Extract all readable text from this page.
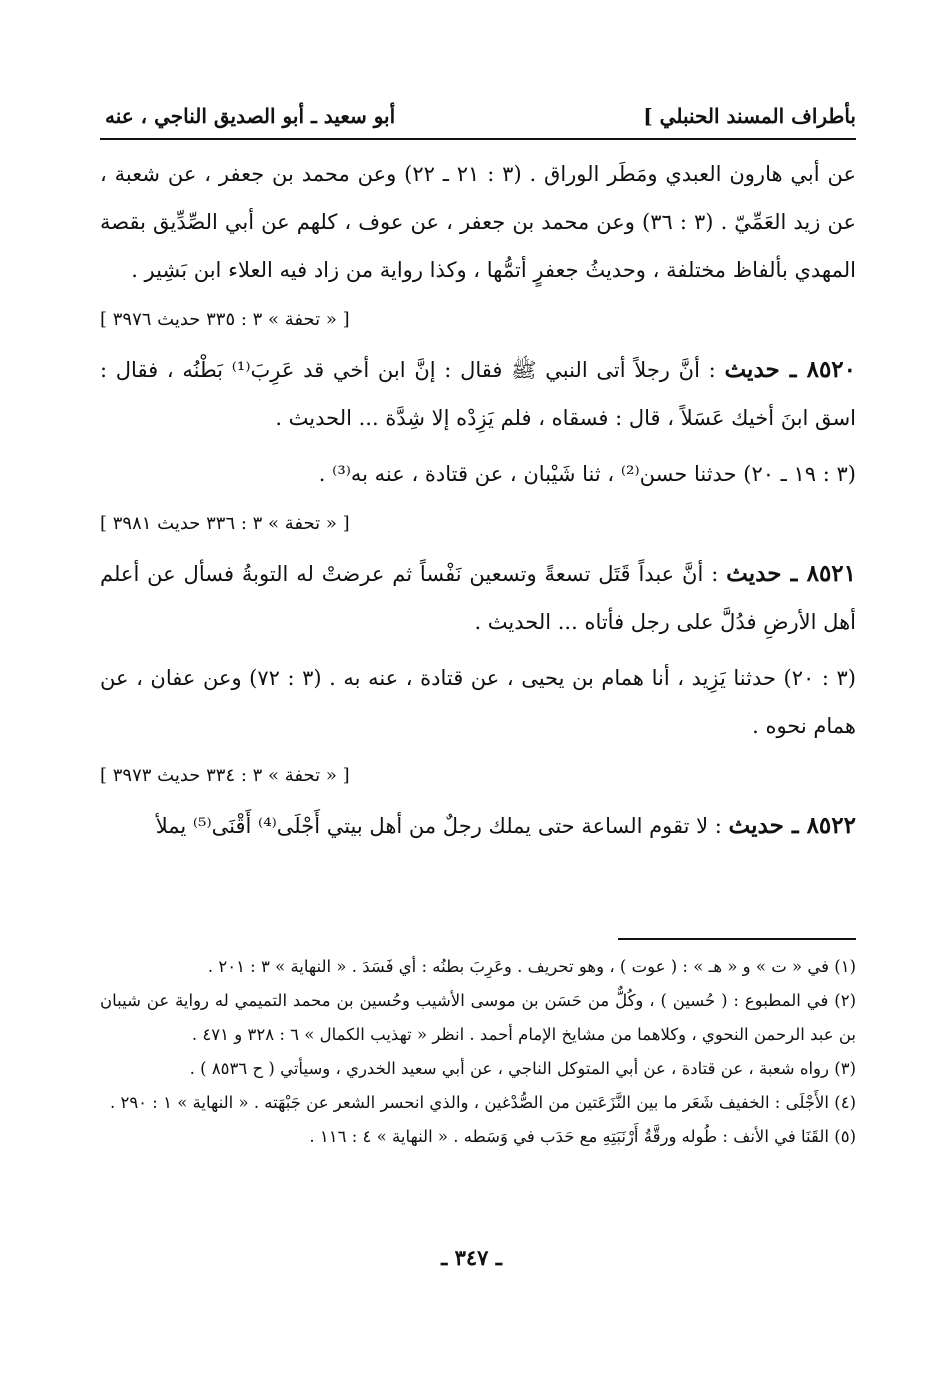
بأطراف المسند الحنبلي ]
أبو سعيد ـ أبو الصديق الناجي ، عنه

عن أبي هارون العبدي ومَطَر الوراق . (٣ : ٢١ ـ ٢٢) وعن محمد بن جعفر ، عن شعبة ، عن زيد العَمِّيّ . (٣ : ٣٦) وعن محمد بن جعفر ، عن عوف ، كلهم عن أبي الصِّدِّيق بقصة المهدي بألفاظ مختلفة ، وحديثُ جعفرٍ أتمُّها ، وكذا رواية من زاد فيه العلاء ابن بَشِير .

[ « تحفة » ٣ : ٣٣٥ حديث ٣٩٧٦ ]

٨٥٢٠ ـ حديث : أنَّ رجلاً أتى النبي ﷺ فقال : إنَّ ابن أخي قد عَرِبَ⁽¹⁾ بَطْنُه ، فقال : اسق ابنَ أخيك عَسَلاً ، قال : فسقاه ، فلم يَزِدْه إلا شِدَّة ... الحديث .

(٣ : ١٩ ـ ٢٠) حدثنا حسن⁽²⁾ ، ثنا شَيْبان ، عن قتادة ، عنه به⁽³⁾ .

[ « تحفة » ٣ : ٣٣٦ حديث ٣٩٨١ ]

٨٥٢١ ـ حديث : أنَّ عبداً قَتَل تسعةً وتسعين نَفْساً ثم عرضتْ له التوبةُ فسأل عن أعلم أهل الأرضِ فدُلَّ على رجل فأتاه ... الحديث .

(٣ : ٢٠) حدثنا يَزِيد ، أنا همام بن يحيى ، عن قتادة ، عنه به . (٣ : ٧٢) وعن عفان ، عن همام نحوه .

[ « تحفة » ٣ : ٣٣٤ حديث ٣٩٧٣ ]

٨٥٢٢ ـ حديث : لا تقوم الساعة حتى يملك رجلٌ من أهل بيتي أَجْلَى⁽⁴⁾ أَقْنَى⁽⁵⁾ يملأ

(١) في « ت » و « هـ » : ( عوت ) ، وهو تحريف . وعَرِبَ بطنُه : أي فَسَدَ . « النهاية » ٣ : ٢٠١ .

(٢) في المطبوع : ( حُسين ) ، وكُلٌّ من حَسَن بن موسى الأشيب وحُسين بن محمد التميمي له رواية عن شيبان بن عبد الرحمن النحوي ، وكلاهما من مشايخ الإمام أحمد . انظر « تهذيب الكمال » ٦ : ٣٢٨ و ٤٧١ .

(٣) رواه شعبة ، عن قتادة ، عن أبي المتوكل الناجي ، عن أبي سعيد الخدري ، وسيأتي ( ح ٨٥٣٦ ) .

(٤) الأَجْلَى : الخفيف شَعَر ما بين النَّزَعَتين من الصُّدْغين ، والذي انحسر الشعر عن جَبْهَته . « النهاية » ١ : ٢٩٠ .

(٥) القَنَا في الأنف : طُوله ورقَّةُ أَرْنَبَتِهِ مع حَدَب في وَسَطه . « النهاية » ٤ : ١١٦ .

ـ ٣٤٧ ـ
